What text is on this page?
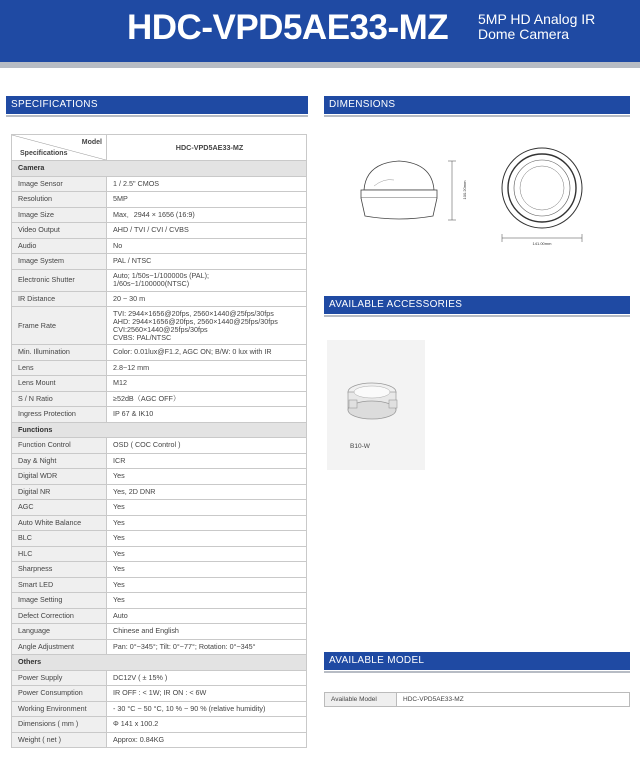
HDC-VPD5AE33-MZ 5MP HD Analog IR
Dome Camera
SPECIFICATIONS	DIMENSIONS
AVAILABLE ACCESSORIES
AVAILABLE MODEL
Model
Specifications	HDC-VPD5AE33-MZ
Camera	
Image Sensor	1 / 2.5" CMOS
Resolution	5MP
Image Size	Max．2944 × 1656 (16:9)
Video Output	AHD / TVI / CVI / CVBS
Audio	No
Image System	PAL / NTSC
Electronic Shutter	Auto; 1/50s~1/100000s (PAL);
1/60s~1/100000(NTSC)

IR Distance	20 ~ 30 m
Frame Rate	TVI: 2944×1656@20fps, 2560×1440@25fps/30fps
AHD: 2944×1656@20fps, 2560×1440@25fps/30fps
CVI:2560×1440@25fps/30fps
CVBS: PAL/NTSC

Min. Illumination	Color: 0.01lux@F1.2, AGC ON; B/W: 0 lux with IR
Lens	2.8~12 mm
Lens Mount	M12
S / N Ratio	≥52dB（AGC OFF）
Ingress Protection	IP 67 & IK10
Functions	
Function Control	OSD ( COC Control )
Day & Night	ICR
Digital WDR	Yes
Digital NR	Yes, 2D DNR
AGC	Yes
Auto White Balance	Yes
BLC	Yes
HLC	Yes
Sharpness	Yes
Smart LED	Yes
Image Setting	Yes
Defect Correction	Auto
Language	Chinese and English
Angle Adjustment	Pan: 0°~345°; Tilt: 0°~77°; Rotation: 0°~345°
Others	
Power Supply	DC12V ( ± 15% )
Power Consumption	IR OFF : < 1W; IR ON : < 6W
Working Environment	- 30 °C ~ 50 °C, 10 % ~ 90 % (relative humidity)
Dimensions ( mm )	Φ 141 x 100.2
Weight ( net )	Approx: 0.84KG
100.20mm
141.00mm
B10-W
Available Model	HDC-VPD5AE33-MZ
